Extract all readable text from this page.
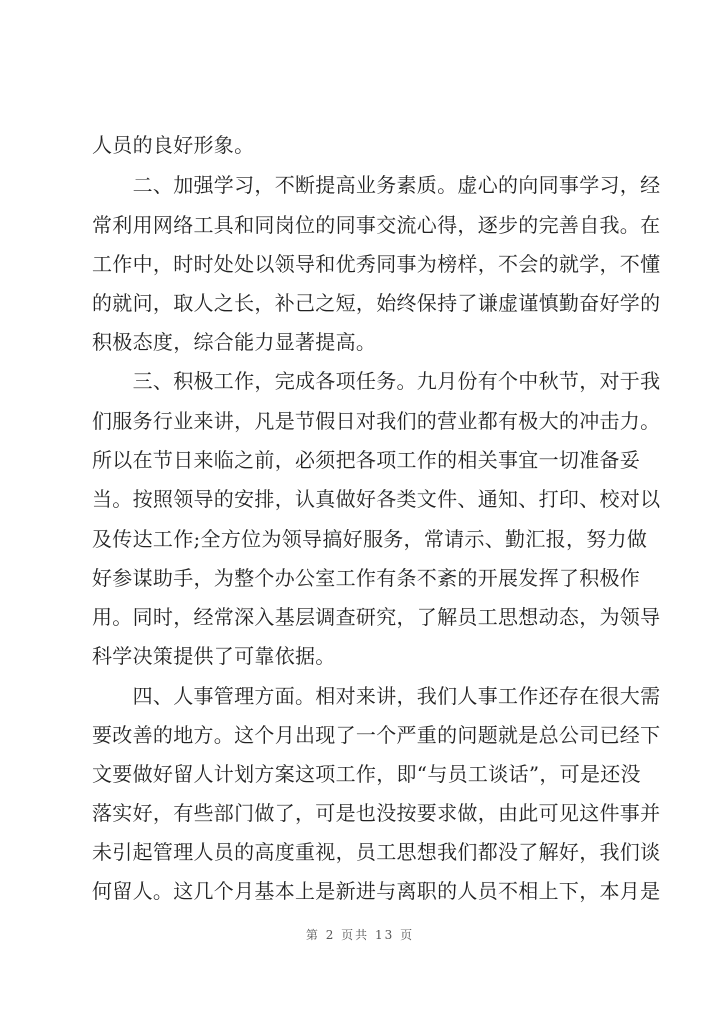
人员的良好形象。
　　二、加强学习，不断提高业务素质。虚心的向同事学习，经
常利用网络工具和同岗位的同事交流心得，逐步的完善自我。在
工作中，时时处处以领导和优秀同事为榜样，不会的就学，不懂
的就问，取人之长，补己之短，始终保持了谦虚谨慎勤奋好学的
积极态度，综合能力显著提高。
　　三、积极工作，完成各项任务。九月份有个中秋节，对于我
们服务行业来讲，凡是节假日对我们的营业都有极大的冲击力。
所以在节日来临之前，必须把各项工作的相关事宜一切准备妥
当。按照领导的安排，认真做好各类文件、通知、打印、校对以
及传达工作;全方位为领导搞好服务，常请示、勤汇报，努力做
好参谋助手，为整个办公室工作有条不紊的开展发挥了积极作
用。同时，经常深入基层调查研究，了解员工思想动态，为领导
科学决策提供了可靠依据。
　　四、人事管理方面。相对来讲，我们人事工作还存在很大需
要改善的地方。这个月出现了一个严重的问题就是总公司已经下
文要做好留人计划方案这项工作，即“与员工谈话”，可是还没
落实好，有些部门做了，可是也没按要求做，由此可见这件事并
未引起管理人员的高度重视，员工思想我们都没了解好，我们谈
何留人。这几个月基本上是新进与离职的人员不相上下，本月是
第 2 页共 13 页
